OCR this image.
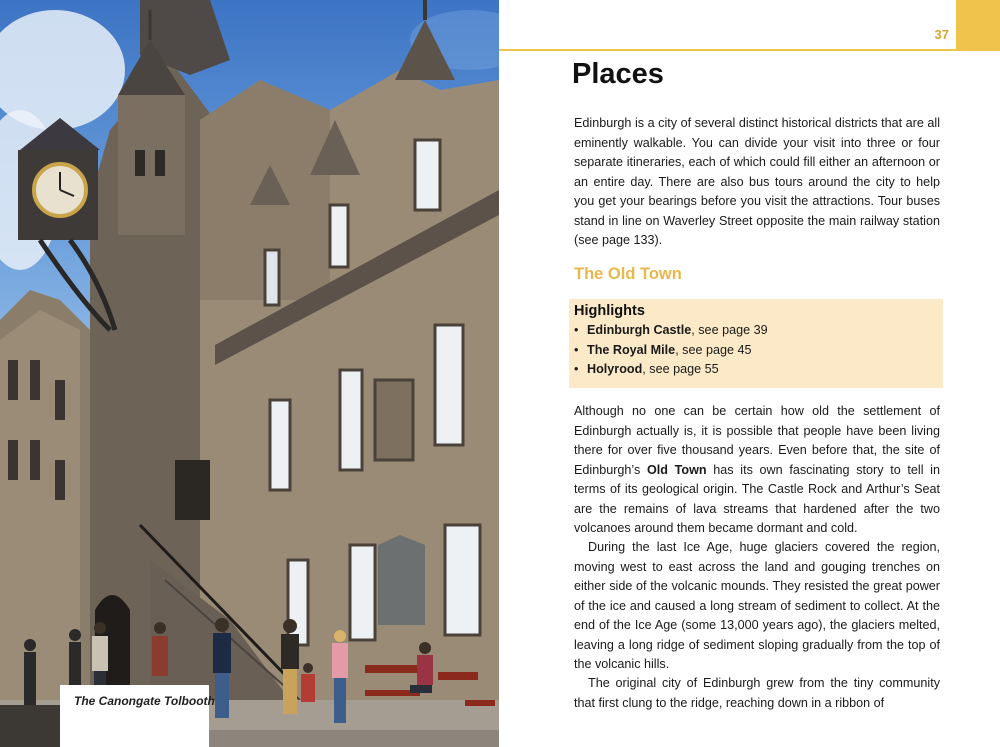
The Canongate Tolbooth
37
Places

Edinburgh is a city of several distinct historical districts that are all eminently walkable. You can divide your visit into three or four separate itineraries, each of which could fill either an afternoon or an entire day. There are also bus tours around the city to help you get your bearings before you visit the attractions. Tour buses stand in line on Waverley Street opposite the main railway station (see page 133).

The Old Town
Highlights
• Edinburgh Castle, see page 39
• The Royal Mile, see page 45
• Holyrood, see page 55

Although no one can be certain how old the settlement of Edinburgh actually is, it is possible that people have been living there for over five thousand years. Even before that, the site of Edinburgh’s Old Town has its own fascinating story to tell in terms of its geological origin. The Castle Rock and Arthur’s Seat are the remains of lava streams that hardened after the two volcanoes around them became dormant and cold.

During the last Ice Age, huge glaciers covered the region, moving west to east across the land and gouging trenches on either side of the volcanic mounds. They resisted the great power of the ice and caused a long stream of sediment to collect. At the end of the Ice Age (some 13,000 years ago), the glaciers melted, leaving a long ridge of sediment sloping gradually from the top of the volcanic hills.

The original city of Edinburgh grew from the tiny community that first clung to the ridge, reaching down in a ribbon of
